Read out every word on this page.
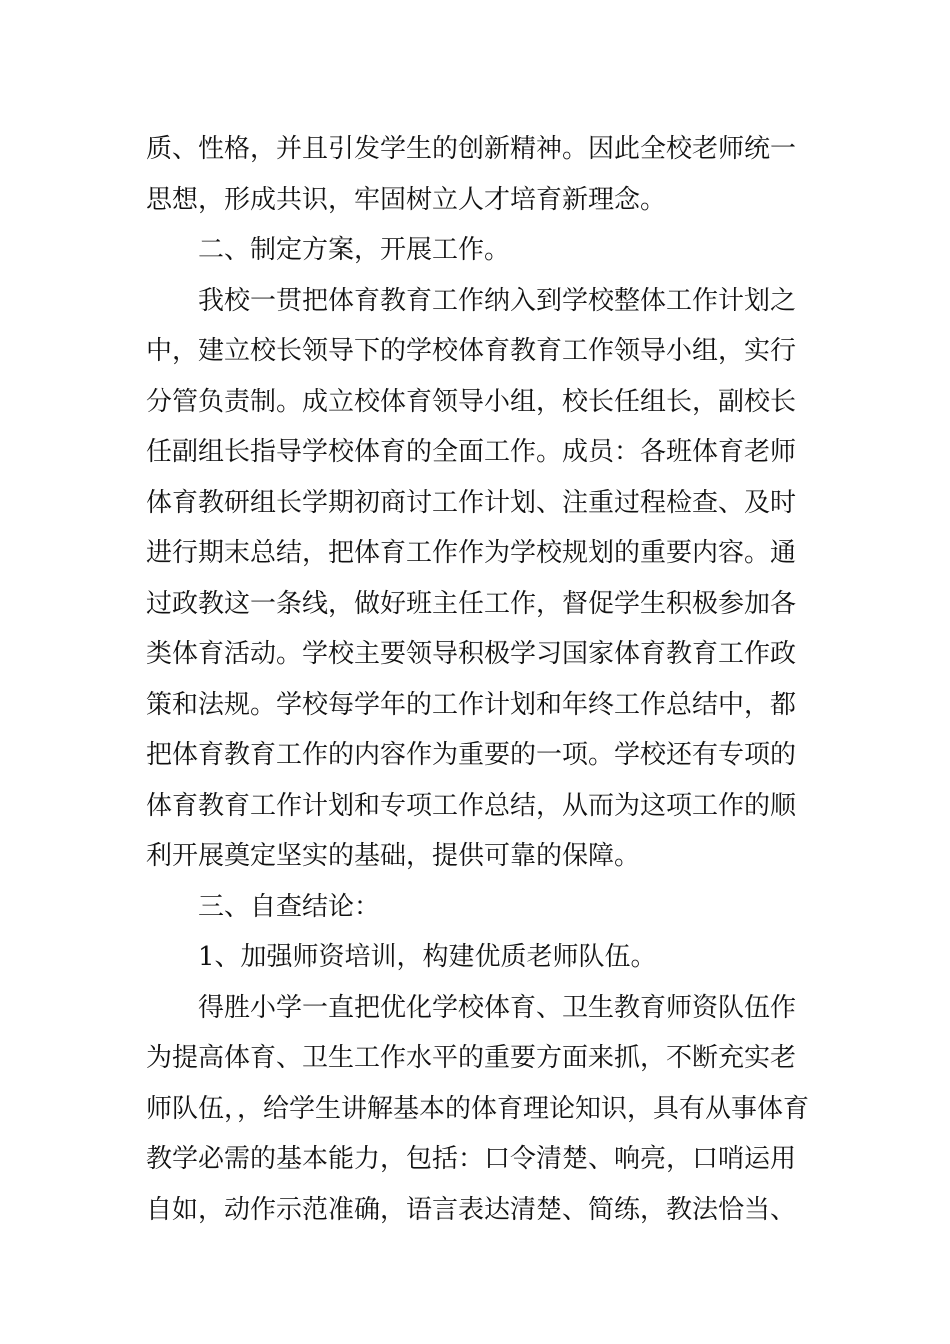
质、性格，并且引发学生的创新精神。因此全校老师统一
思想，形成共识，牢固树立人才培育新理念。
二、制定方案，开展工作。
我校一贯把体育教育工作纳入到学校整体工作计划之
中，建立校长领导下的学校体育教育工作领导小组，实行
分管负责制。成立校体育领导小组，校长任组长，副校长
任副组长指导学校体育的全面工作。成员：各班体育老师
体育教研组长学期初商讨工作计划、注重过程检查、及时
进行期末总结，把体育工作作为学校规划的重要内容。通
过政教这一条线，做好班主任工作，督促学生积极参加各
类体育活动。学校主要领导积极学习国家体育教育工作政
策和法规。学校每学年的工作计划和年终工作总结中，都
把体育教育工作的内容作为重要的一项。学校还有专项的
体育教育工作计划和专项工作总结，从而为这项工作的顺
利开展奠定坚实的基础，提供可靠的保障。
三、自查结论：
1、加强师资培训，构建优质老师队伍。
得胜小学一直把优化学校体育、卫生教育师资队伍作
为提高体育、卫生工作水平的重要方面来抓，不断充实老
师队伍，，给学生讲解基本的体育理论知识，具有从事体育
教学必需的基本能力，包括：口令清楚、响亮，口哨运用
自如，动作示范准确，语言表达清楚、简练，教法恰当、
